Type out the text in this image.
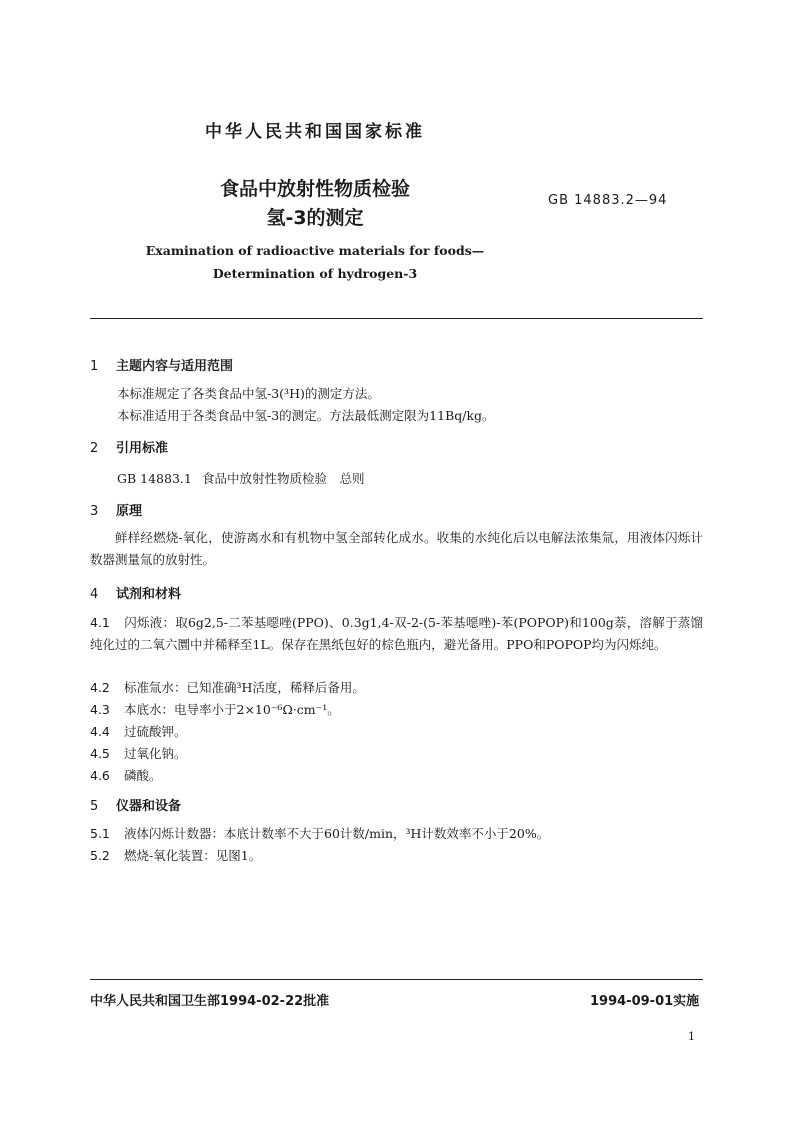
中华人民共和国国家标准
食品中放射性物质检验
氢-3的测定
GB 14883.2—94
Examination of radioactive materials for foods—
Determination of hydrogen-3
1 主题内容与适用范围
本标准规定了各类食品中氢-3(³H)的测定方法。
本标准适用于各类食品中氢-3的测定。方法最低测定限为11Bq/kg。
2 引用标准
GB 14883.1 食品中放射性物质检验　总则
3 原理
鲜样经燃烧-氧化，使游离水和有机物中氢全部转化成水。收集的水纯化后以电解法浓集氚，用液体闪烁计数器测量氚的放射性。
4 试剂和材料
4.1 闪烁液：取6g2,5-二苯基噁唑(PPO)、0.3g1,4-双-2-(5-苯基噁唑)-苯(POPOP)和100g萘，溶解于蒸馏纯化过的二氧六圜中并稀释至1L。保存在黑纸包好的棕色瓶内，避光备用。PPO和POPOP均为闪烁纯。
4.2 标准氚水：已知准确³H活度，稀释后备用。
4.3 本底水：电导率小于2×10⁻⁶Ω·cm⁻¹。
4.4 过硫酸钾。
4.5 过氧化钠。
4.6 磷酸。
5 仪器和设备
5.1 液体闪烁计数器：本底计数率不大于60计数/min，³H计数效率不小于20%。
5.2 燃烧-氧化装置：见图1。
中华人民共和国卫生部1994-02-22批准	1994-09-01实施
1
